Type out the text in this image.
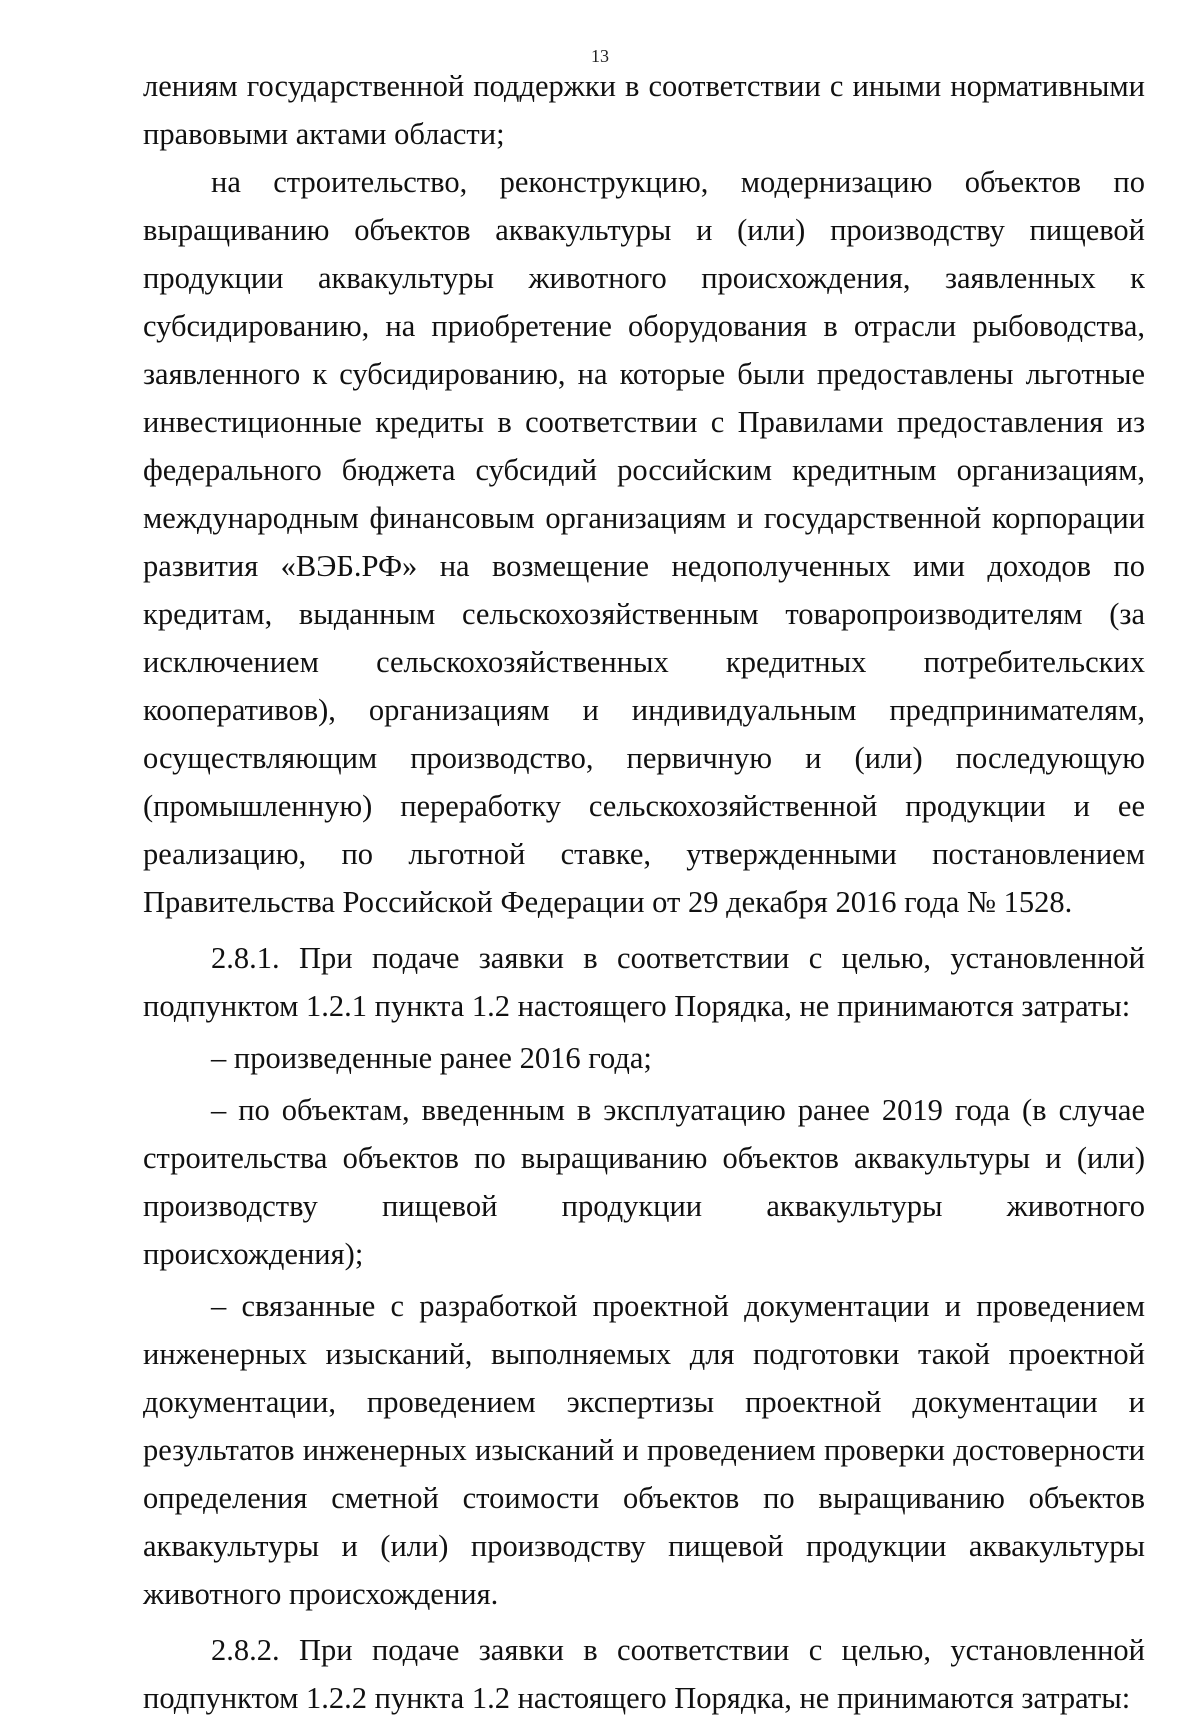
13

лениям государственной поддержки в соответствии с иными нормативными правовыми актами области;

на строительство, реконструкцию, модернизацию объектов по выращиванию объектов аквакультуры и (или) производству пищевой продукции аквакультуры животного происхождения, заявленных к субсидированию, на приобретение оборудования в отрасли рыбоводства, заявленного к субсидированию, на которые были предоставлены льготные инвестиционные кредиты в соответствии с Правилами предоставления из федерального бюджета субсидий российским кредитным организациям, международным финансовым организациям и государственной корпорации развития «ВЭБ.РФ» на возмещение недополученных ими доходов по кредитам, выданным сельскохозяйственным товаропроизводителям (за исключением сельскохозяйственных кредитных потребительских кооперативов), организациям и индивидуальным предпринимателям, осуществляющим производство, первичную и (или) последующую (промышленную) переработку сельскохозяйственной продукции и ее реализацию, по льготной ставке, утвержденными постановлением Правительства Российской Федерации от 29 декабря 2016 года № 1528.

2.8.1. При подаче заявки в соответствии с целью, установленной подпунктом 1.2.1 пункта 1.2 настоящего Порядка, не принимаются затраты:

– произведенные ранее 2016 года;

– по объектам, введенным в эксплуатацию ранее 2019 года (в случае строительства объектов по выращиванию объектов аквакультуры и (или) производству пищевой продукции аквакультуры животного происхождения);

– связанные с разработкой проектной документации и проведением инженерных изысканий, выполняемых для подготовки такой проектной документации, проведением экспертизы проектной документации и результатов инженерных изысканий и проведением проверки достоверности определения сметной стоимости объектов по выращиванию объектов аквакультуры и (или) производству пищевой продукции аквакультуры животного происхождения.

2.8.2. При подаче заявки в соответствии с целью, установленной подпунктом 1.2.2 пункта 1.2 настоящего Порядка, не принимаются затраты:
